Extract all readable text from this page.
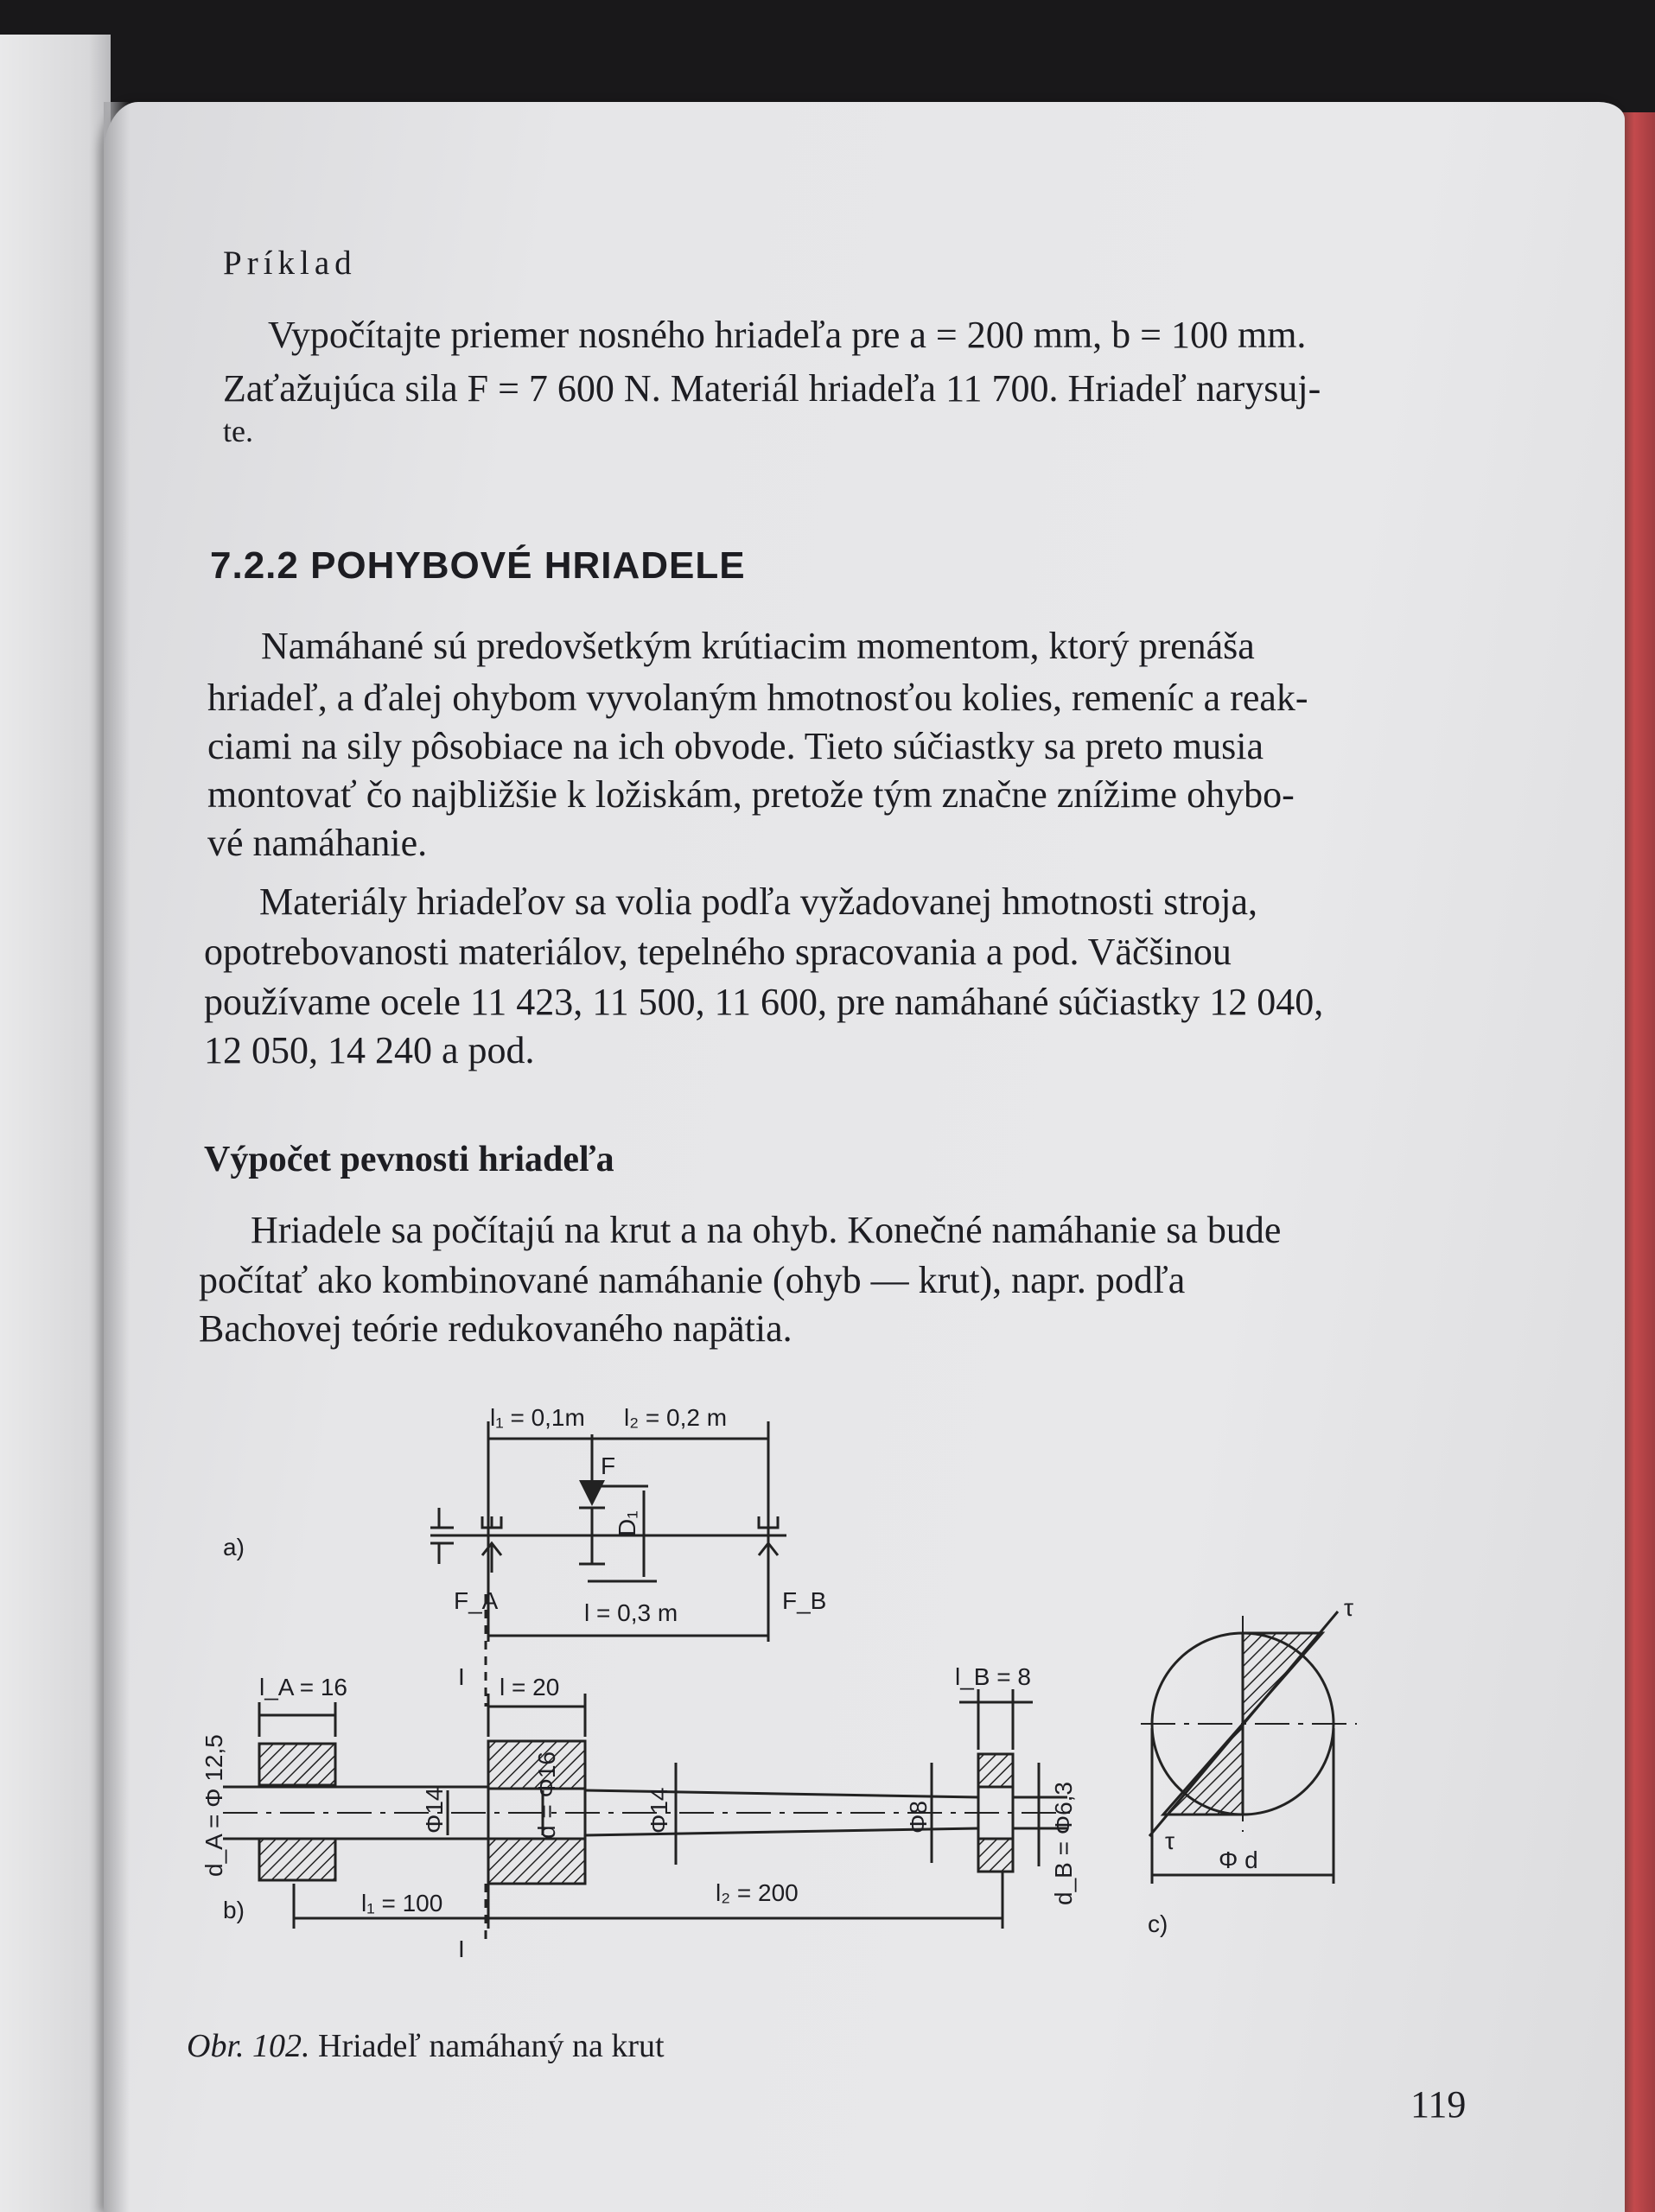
Príklad
Vypočítajte priemer nosného hriadeľa pre a = 200 mm, b = 100 mm.
Zaťažujúca sila F = 7 600 N. Materiál hriadeľa 11 700. Hriadeľ narysuj-
te.
7.2.2 POHYBOVÉ HRIADELE
Namáhané sú predovšetkým krútiacim momentom, ktorý prenáša
hriadeľ, a ďalej ohybom vyvolaným hmotnosťou kolies, remeníc a reak-
ciami na sily pôsobiace na ich obvode. Tieto súčiastky sa preto musia
montovať čo najbližšie k ložiskám, pretože tým značne znížime ohybo-
vé namáhanie.
Materiály hriadeľov sa volia podľa vyžadovanej hmotnosti stroja,
opotrebovanosti materiálov, tepelného spracovania a pod. Väčšinou
používame ocele 11 423, 11 500, 11 600, pre namáhané súčiastky 12 040,
12 050, 14 240 a pod.
Výpočet pevnosti hriadeľa
Hriadele sa počítajú na krut a na ohyb. Konečné namáhanie sa bude
počítať ako kombinované namáhanie (ohyb — krut), napr. podľa
Bachovej teórie redukovaného napätia.
a)
l₁ = 0,1m l₂ = 0,2 m
F
D₁
F_A	F_B
l = 0,3 m
b)
l_A = 16	I l = 20	l_B = 8
d_A = Φ 12,5	Φ14	d = Φ16	Φ14	Φ8	d_B = Φ6,3
l₁ = 100	l₂ = 200
I
τ
τ
Φ d
c)
Obr. 102. Hriadeľ namáhaný na krut
119
